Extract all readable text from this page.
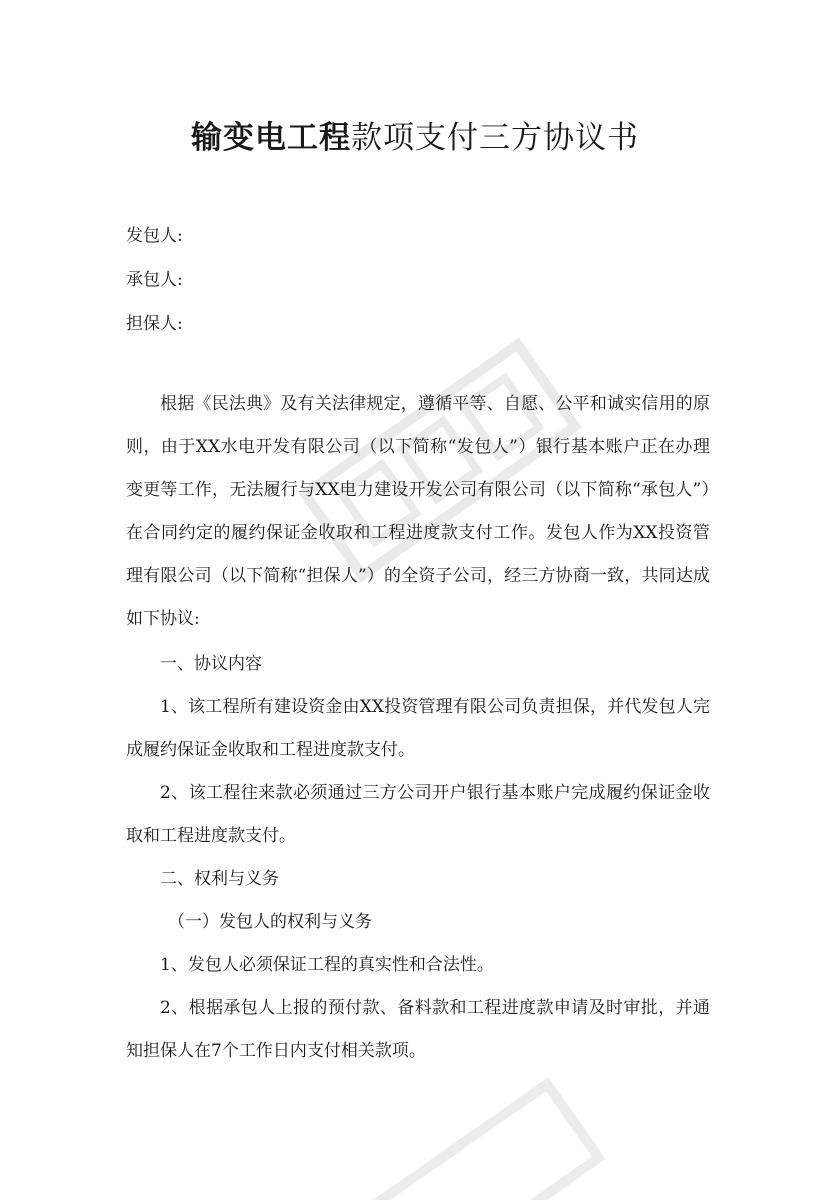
输变电工程款项支付三方协议书

发包人:

承包人:

担保人:

根据《民法典》及有关法律规定，遵循平等、自愿、公平和诚实信用的原则，由于XX水电开发有限公司（以下简称“发包人”）银行基本账户正在办理变更等工作，无法履行与XX电力建设开发公司有限公司（以下简称“承包人”）在合同约定的履约保证金收取和工程进度款支付工作。发包人作为XX投资管理有限公司（以下简称“担保人”）的全资子公司，经三方协商一致，共同达成如下协议:

一、协议内容

1、该工程所有建设资金由XX投资管理有限公司负责担保，并代发包人完成履约保证金收取和工程进度款支付。

2、该工程往来款必须通过三方公司开户银行基本账户完成履约保证金收取和工程进度款支付。

二、权利与义务

（一）发包人的权利与义务

1、发包人必须保证工程的真实性和合法性。

2、根据承包人上报的预付款、备料款和工程进度款申请及时审批，并通知担保人在7个工作日内支付相关款项。
